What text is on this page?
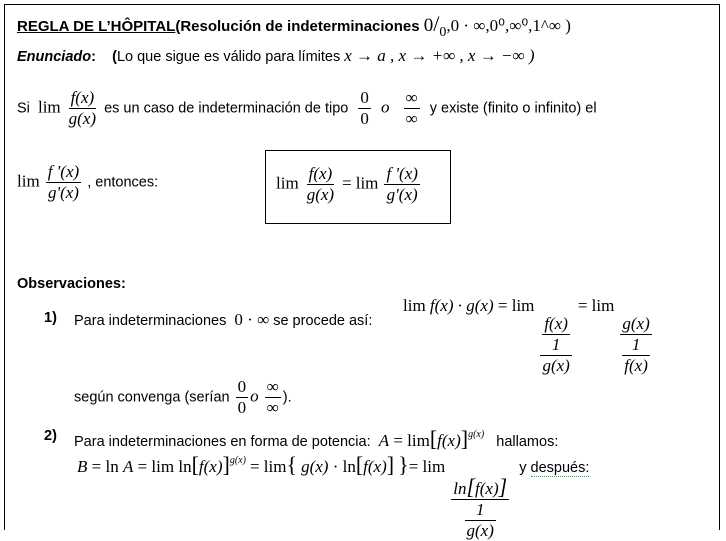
REGLA DE L’HÔPITAL(Resolución de indeterminaciones 0/0,0 · ∞,0⁰,∞⁰,1^∞ )
Enunciado: (Lo que sigue es válido para límites x → a , x → +∞ , x → −∞ )
Si $\lim \frac{f(x)}{g(x)}$ es un caso de indeterminación de tipo $\frac{0}{0}$ o $\frac{\infty}{\infty}$ y existe (finito o infinito) el
$\lim \frac{f '(x)}{g'(x)}$ , entonces:	$\lim \frac{f(x)}{g(x)} = \lim \frac{f '(x)}{g'(x)}$
Observaciones:
1) Para indeterminaciones  0 · ∞ se procede así:
lim f(x) · g(x) = lim
f(x)
1
g(x)
= lim
g(x)
1
f(x)
según convenga (serían $\frac{0}{0}$ o $\frac{\infty}{\infty}$ ).
2) Para indeterminaciones en forma de potencia: $A = \lim[f(x)]^{g(x)}$ hallamos:
$B = \ln A = \lim \ln[f(x)]^{g(x)} = \lim${ g(x) · ln[f(x)] }= lim
ln[f(x)]
1
g(x)
y después:
